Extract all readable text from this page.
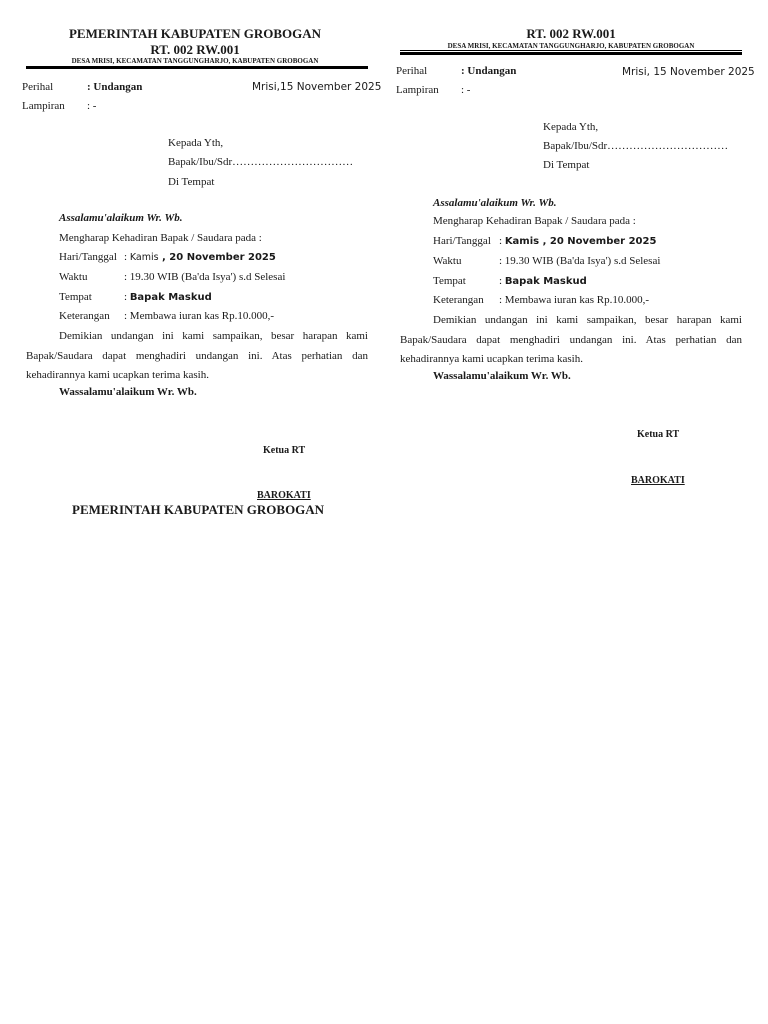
PEMERINTAH KABUPATEN GROBOGAN
RT. 002 RW.001
DESA MRISI, KECAMATAN TANGGUNGHARJO, KABUPATEN GROBOGAN
Perihal	: Undangan	Mrisi,15 November 2025
Lampiran : -
Kepada Yth,
Bapak/Ibu/Sdr……………………………
Di Tempat
Assalamu'alaikum Wr. Wb.
Mengharap Kehadiran Bapak / Saudara pada :
Hari/Tanggal : Kamis , 20 November 2025
Waktu	: 19.30 WIB (Ba'da Isya') s.d Selesai
Tempat	: Bapak Maskud
Keterangan : Membawa iuran kas Rp.10.000,-
Demikian undangan ini kami sampaikan, besar harapan kami Bapak/Saudara dapat menghadiri undangan ini. Atas perhatian dan kehadirannya kami ucapkan terima kasih.
Wassalamu'alaikum Wr. Wb.
Ketua RT
BAROKATI
PEMERINTAH KABUPATEN GROBOGAN
RT. 002 RW.001
DESA MRISI, KECAMATAN TANGGUNGHARJO, KABUPATEN GROBOGAN
Perihal	: Undangan	Mrisi, 15 November 2025
Lampiran : -
Kepada Yth,
Bapak/Ibu/Sdr……………………………
Di Tempat
Assalamu'alaikum Wr. Wb.
Mengharap Kehadiran Bapak / Saudara pada :
Hari/Tanggal : Kamis , 20 November 2025
Waktu	: 19.30 WIB (Ba'da Isya') s.d Selesai
Tempat	: Bapak Maskud
Keterangan : Membawa iuran kas Rp.10.000,-
Demikian undangan ini kami sampaikan, besar harapan kami Bapak/Saudara dapat menghadiri undangan ini. Atas perhatian dan kehadirannya kami ucapkan terima kasih.
Wassalamu'alaikum Wr. Wb.
Ketua RT
BAROKATI
